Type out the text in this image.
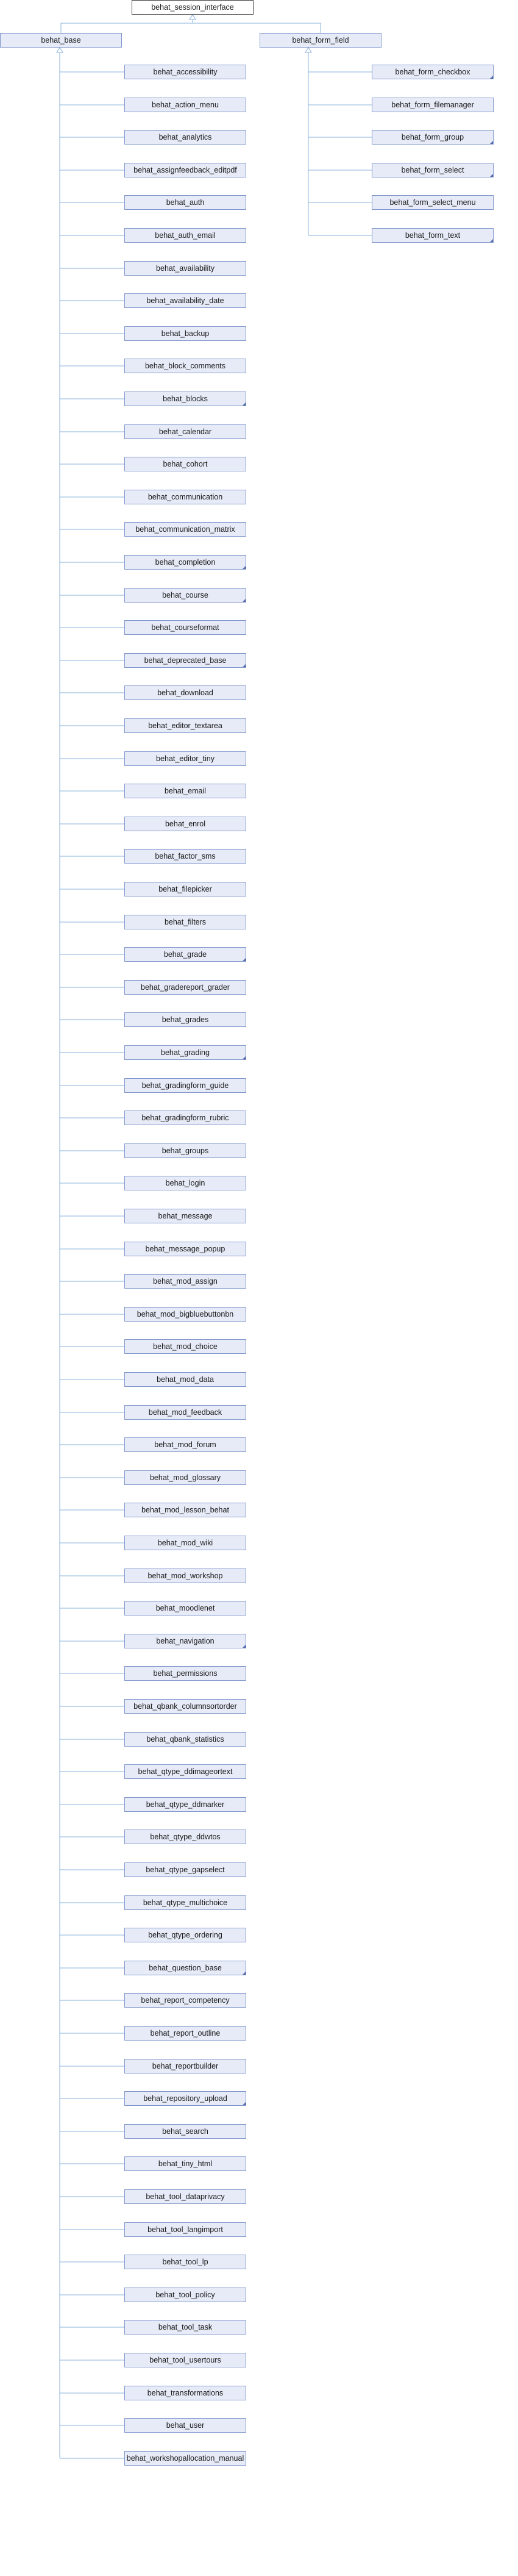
behat_session_interface
behat_base	behat_form_field
behat_accessibility
behat_action_menu
behat_analytics
behat_assignfeedback_editpdf
behat_auth
behat_auth_email
behat_availability
behat_availability_date
behat_backup
behat_block_comments
behat_blocks
behat_calendar
behat_cohort
behat_communication
behat_communication_matrix
behat_completion
behat_course
behat_courseformat
behat_deprecated_base
behat_download
behat_editor_textarea
behat_editor_tiny
behat_email
behat_enrol
behat_factor_sms
behat_filepicker
behat_filters
behat_grade
behat_gradereport_grader
behat_grades
behat_grading
behat_gradingform_guide
behat_gradingform_rubric
behat_groups
behat_login
behat_message
behat_message_popup
behat_mod_assign
behat_mod_bigbluebuttonbn
behat_mod_choice
behat_mod_data
behat_mod_feedback
behat_mod_forum
behat_mod_glossary
behat_mod_lesson_behat
behat_mod_wiki
behat_mod_workshop
behat_moodlenet
behat_navigation
behat_permissions
behat_qbank_columnsortorder
behat_qbank_statistics
behat_qtype_ddimageortext
behat_qtype_ddmarker
behat_qtype_ddwtos
behat_qtype_gapselect
behat_qtype_multichoice
behat_qtype_ordering
behat_question_base
behat_report_competency
behat_report_outline
behat_reportbuilder
behat_repository_upload
behat_search
behat_tiny_html
behat_tool_dataprivacy
behat_tool_langimport
behat_tool_lp
behat_tool_policy
behat_tool_task
behat_tool_usertours
behat_transformations
behat_user
behat_workshopallocation_manual
behat_form_checkbox
behat_form_filemanager
behat_form_group
behat_form_select
behat_form_select_menu
behat_form_text
